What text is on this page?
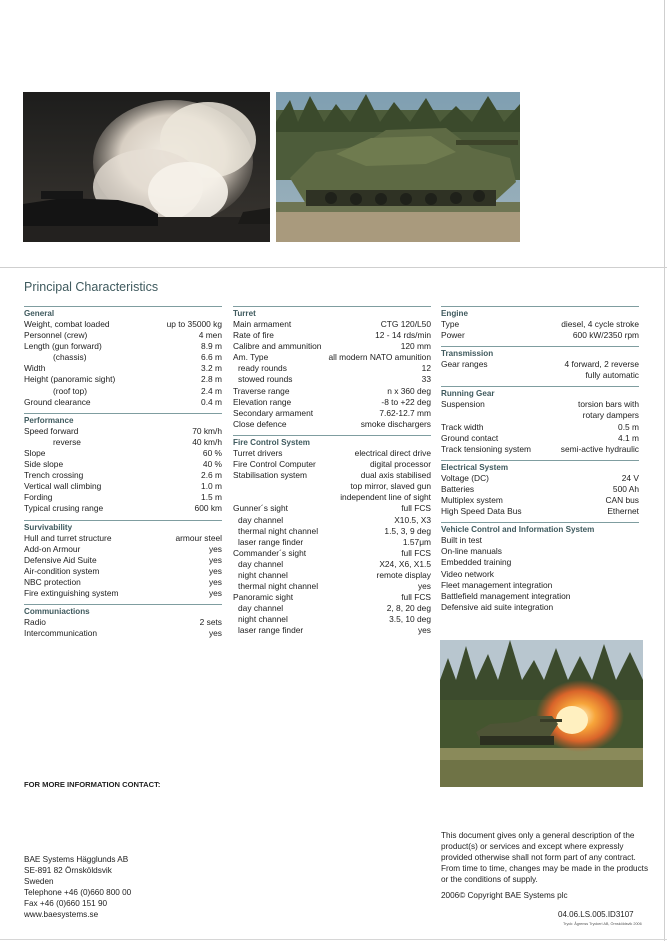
Principal Characteristics
General
Weight, combat loaded	up to 35000 kg
Personnel (crew)	4 men
Length (gun forward)	8.9 m
(chassis)	6.6 m
Width	3.2 m
Height (panoramic sight)	2.8 m
(roof top)	2.4 m
Ground clearance	0.4 m
Performance
Speed forward	70 km/h
reverse	40 km/h
Slope	60 %
Side slope	40 %
Trench crossing	2.6 m
Vertical wall climbing	1.0 m
Fording	1.5 m
Typical crusing range	600 km
Survivability
Hull and turret structure	armour steel
Add-on Armour	yes
Defensive Aid Suite	yes
Air-condition system	yes
NBC protection	yes
Fire extinguishing system	yes
Communiactions
Radio	2 sets
Intercommunication	yes
Turret
Main armament	CTG 120/L50
Rate of fire	12 - 14 rds/min
Calibre and ammunition	120 mm
Am. Type	all modern NATO amunition
ready rounds	12
stowed rounds	33
Traverse range	n x 360 deg
Elevation range	-8 to +22 deg
Secondary armament	7.62-12.7 mm
Close defence	smoke dischargers
Fire Control System
Turret drivers	electrical direct drive
Fire Control Computer	digital processor
Stabilisation system	dual axis stabilised
top mirror, slaved gun
independent line of sight
Gunner´s sight	full FCS
day channel	X10.5, X3
thermal night channel	1.5, 3, 9 deg
laser range finder	1.57μm
Commander´s sight	full FCS
day channel	X24, X6, X1.5
night channel	remote display
thermal night channel	yes
Panoramic sight	full FCS
day channel	2, 8, 20 deg
night channel	3.5, 10 deg
laser range finder	yes
Engine
Type	diesel, 4 cycle stroke
Power	600 kW/2350 rpm
Transmission
Gear ranges	4 forward, 2 reverse
fully automatic
Running Gear
Suspension	torsion bars with
rotary dampers
Track width	0.5 m
Ground contact	4.1 m
Track tensioning system	semi-active hydraulic
Electrical System
Voltage (DC)	24 V
Batteries	500 Ah
Multiplex system	CAN bus
High Speed Data Bus	Ethernet
Vehicle Control and Information System
Built in test
On-line manuals
Embedded training
Video network
Fleet management integration
Battlefield management integration
Defensive aid suite integration
FOR MORE INFORMATION CONTACT:
BAE Systems Hägglunds AB
SE-891 82 Örnsköldsvik
Sweden
Telephone +46 (0)660 800 00
Fax +46 (0)660 151 90
www.baesystems.se
This document gives only a general description of the product(s) or services and except where expressly provided otherwise shall not form part of any contract. From time to time, changes may be made in the products or the conditions of supply.
2006© Copyright BAE Systems plc
04.06.LS.005.ID3107
Tryck: Ågrenss Tryckeri AB, Örnsköldsvik 2006
